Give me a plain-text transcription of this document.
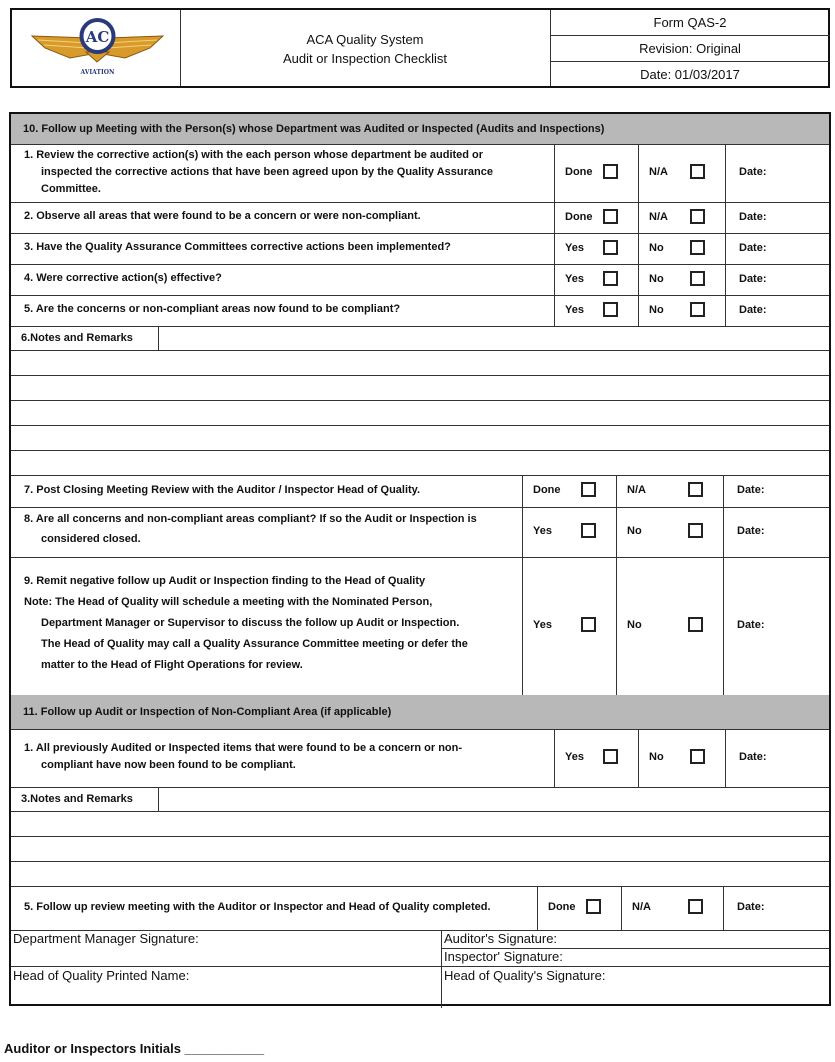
AC
AVIATION
ACA Quality System
Audit or Inspection Checklist
Form QAS-2
Revision: Original
Date: 01/03/2017
10. Follow up Meeting with the Person(s) whose Department was Audited or Inspected (Audits and Inspections)
1. Review the corrective action(s) with the each person whose department be audited or
inspected the corrective actions that have been agreed upon by the Quality Assurance
Committee.
Done	N/A	Date:
2. Observe all areas that were found to be a concern or were non-compliant.	Done	N/A	Date:
3. Have the Quality Assurance Committees corrective actions been implemented?	Yes	No	Date:
4. Were corrective action(s) effective?	Yes	No	Date:
5. Are the concerns or non-compliant areas now found to be compliant?	Yes	No	Date:
6.Notes and Remarks
7. Post Closing Meeting Review with the Auditor / Inspector Head of Quality.	Done	N/A	Date:
8. Are all concerns and non-compliant areas compliant? If so the Audit or Inspection is
considered closed.
Yes	No	Date:
9. Remit negative follow up Audit or Inspection finding to the Head of Quality
Note: The Head of Quality will schedule a meeting with the Nominated Person,
Department Manager or Supervisor to discuss the follow up Audit or Inspection.
The Head of Quality may call a Quality Assurance Committee meeting or defer the
matter to the Head of Flight Operations for review.
Yes	No	Date:
11. Follow up Audit or Inspection of Non-Compliant Area (if applicable)
1. All previously Audited or Inspected items that were found to be a concern or non-
compliant have now been found to be compliant.
Yes	No	Date:
3.Notes and Remarks
5. Follow up review meeting with the Auditor or Inspector and Head of Quality completed.	Done	N/A	Date:
Department Manager Signature:	Auditor's Signature:
Inspector' Signature:
Head of Quality Printed Name:	Head of Quality's Signature:
Auditor or Inspectors Initials ___________
